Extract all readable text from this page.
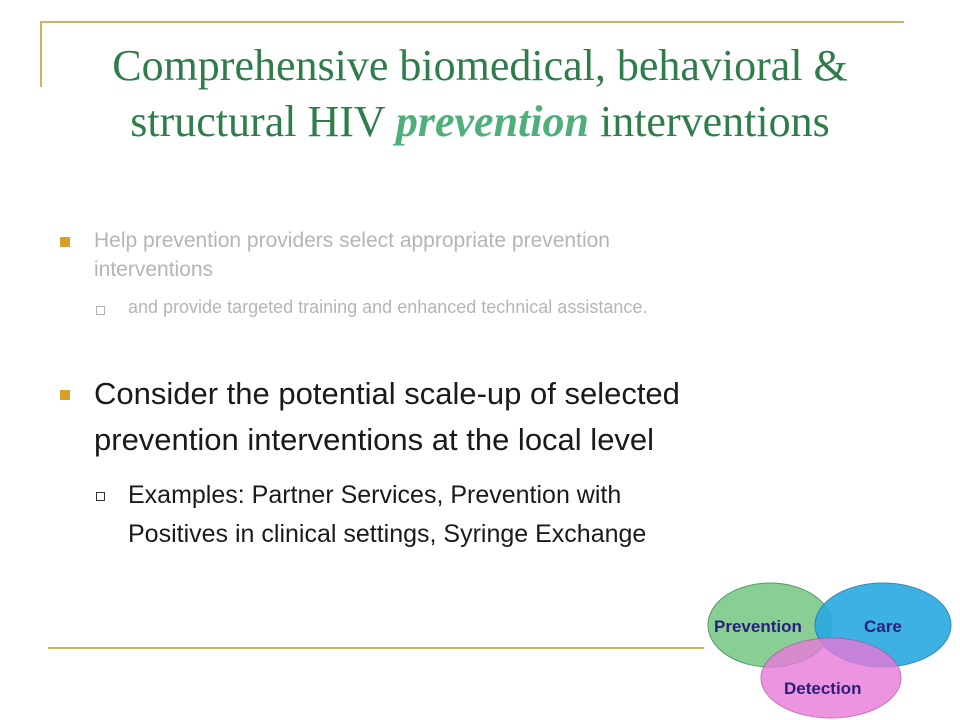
Comprehensive biomedical, behavioral &
structural HIV prevention interventions
Help prevention providers select appropriate prevention
interventions
and provide targeted training and enhanced technical assistance.
Consider the potential scale-up of selected
prevention interventions at the local level
Examples: Partner Services, Prevention with
Positives in clinical settings, Syringe Exchange
Prevention	Care
Detection
